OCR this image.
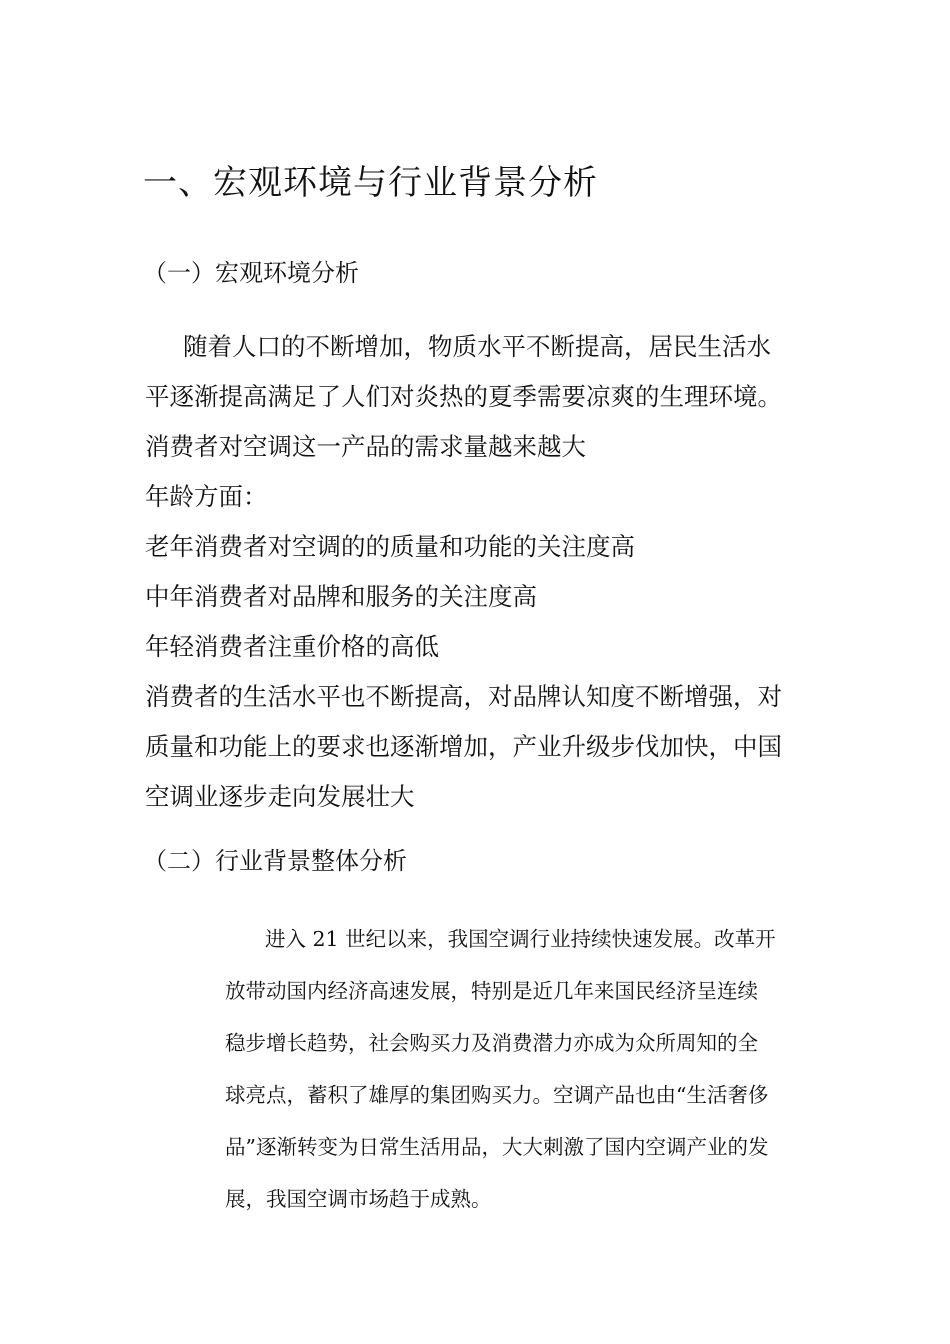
一、宏观环境与行业背景分析
（一）宏观环境分析

随着人口的不断增加，物质水平不断提高，居民生活水

平逐渐提高满足了人们对炎热的夏季需要凉爽的生理环境。

消费者对空调这一产品的需求量越来越大

年龄方面：

老年消费者对空调的的质量和功能的关注度高

中年消费者对品牌和服务的关注度高

年轻消费者注重价格的高低

消费者的生活水平也不断提高，对品牌认知度不断增强，对

质量和功能上的要求也逐渐增加，产业升级步伐加快，中国

空调业逐步走向发展壮大

（二）行业背景整体分析

进入 21 世纪以来，我国空调行业持续快速发展。改革开

放带动国内经济高速发展，特别是近几年来国民经济呈连续

稳步增长趋势，社会购买力及消费潜力亦成为众所周知的全

球亮点，蓄积了雄厚的集团购买力。空调产品也由“生活奢侈

品”逐渐转变为日常生活用品，大大刺激了国内空调产业的发

展，我国空调市场趋于成熟。
